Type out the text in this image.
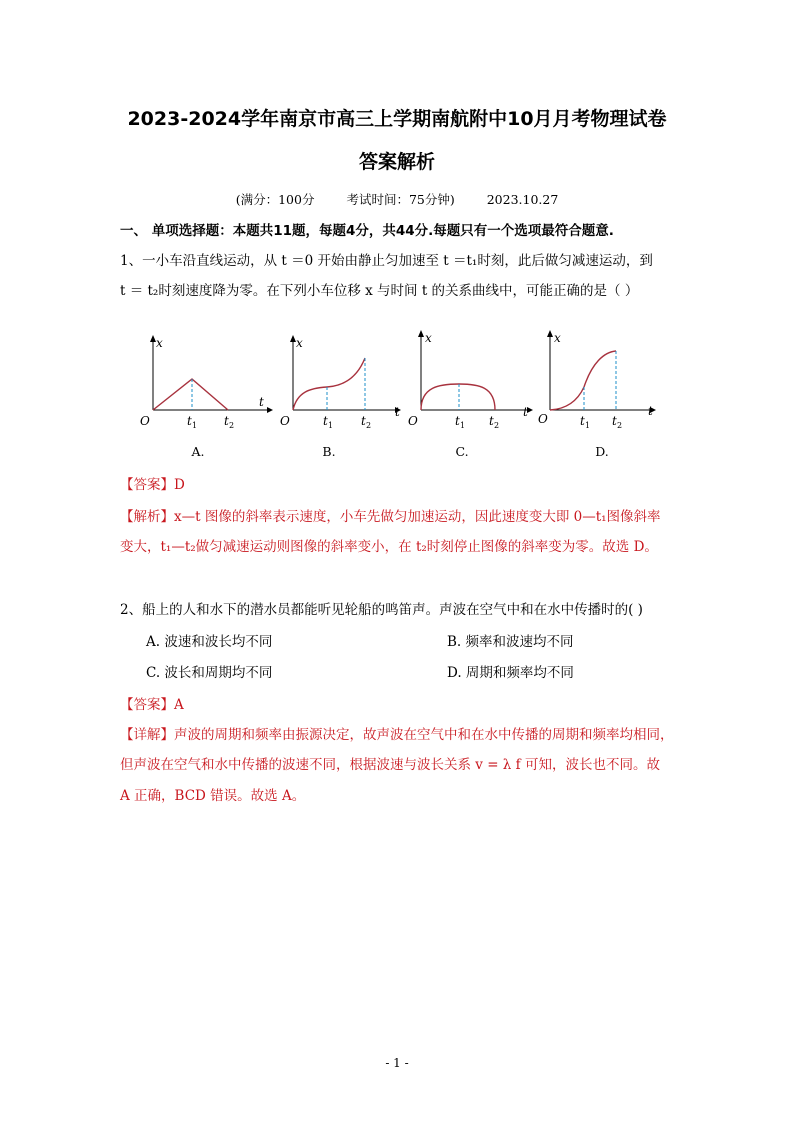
2023-2024学年南京市高三上学期南航附中10月月考物理试卷
答案解析
(满分：100分	考试时间：75分钟)	2023.10.27
一、 单项选择题：本题共11题，每题4分，共44分.每题只有一个选项最符合题意.
1、一小车沿直线运动，从 t ＝0 开始由静止匀加速至 t ＝t₁时刻，此后做匀减速运动，到
t ＝ t₂时刻速度降为零。在下列小车位移 x 与时间 t 的关系曲线中，可能正确的是（ ）
x
t
O	t 1 t 2
A.
x
t
O	t 1 t 2
B.
x
t
O	t 1 t 2
C.
x
t
O	t 1 t 2
D.
【答案】D
【解析】x—t 图像的斜率表示速度，小车先做匀加速运动，因此速度变大即 0—t₁图像斜率
变大，t₁—t₂做匀减速运动则图像的斜率变小，在 t₂时刻停止图像的斜率变为零。故选 D。
2、船上的人和水下的潜水员都能听见轮船的鸣笛声。声波在空气中和在水中传播时的( )
A. 波速和波长均不同	B. 频率和波速均不同
C. 波长和周期均不同	D. 周期和频率均不同
【答案】A
【详解】声波的周期和频率由振源决定，故声波在空气中和在水中传播的周期和频率均相同，
但声波在空气和水中传播的波速不同，根据波速与波长关系 v = λ f 可知，波长也不同。故
A 正确，BCD 错误。故选 A。
- 1 -
